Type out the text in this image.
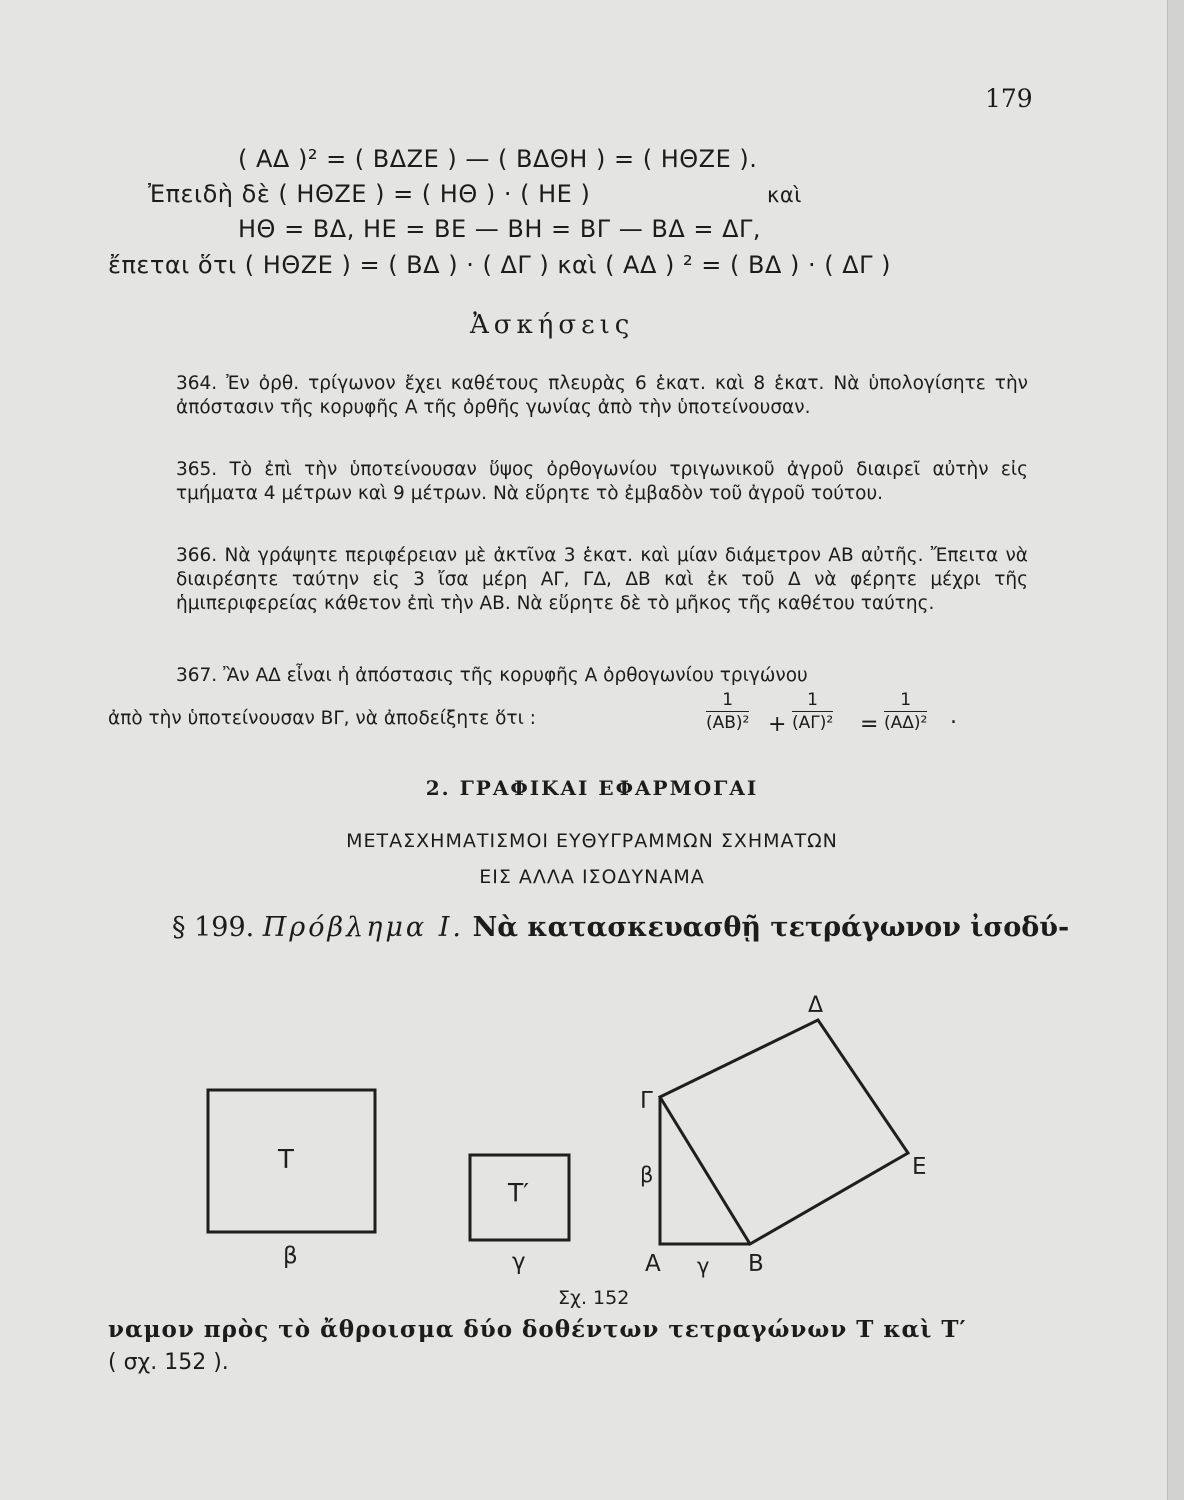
179
( ΑΔ )² = ( ΒΔΖΕ ) — ( ΒΔΘΗ ) = ( ΗΘΖΕ ).
Ἐπειδὴ δὲ ( ΗΘΖΕ ) = ( ΗΘ ) · ( ΗΕ )	καὶ
ΗΘ = ΒΔ, ΗΕ = ΒΕ — ΒΗ = ΒΓ — ΒΔ = ΔΓ,
ἔπεται ὅτι ( ΗΘΖΕ ) = ( ΒΔ ) · ( ΔΓ ) καὶ ( ΑΔ ) ² = ( ΒΔ ) · ( ΔΓ )
Ἀσκήσεις
364. Ἐν ὀρθ. τρίγωνον ἔχει καθέτους πλευρὰς 6 ἑκατ. καὶ 8 ἑκατ. Νὰ ὑπολογίσητε τὴν ἀπόστασιν τῆς κορυφῆς Α τῆς ὀρθῆς γωνίας ἀπὸ τὴν ὑποτείνουσαν.
365. Τὸ ἐπὶ τὴν ὑποτείνουσαν ὕψος ὀρθογωνίου τριγωνικοῦ ἀγροῦ διαιρεῖ αὐτὴν εἰς τμήματα 4 μέτρων καὶ 9 μέτρων. Νὰ εὕρητε τὸ ἐμβαδὸν τοῦ ἀγροῦ τούτου.
366. Νὰ γράψητε περιφέρειαν μὲ ἀκτῖνα 3 ἑκατ. καὶ μίαν διάμετρον ΑΒ αὐτῆς. Ἔπειτα νὰ διαιρέσητε ταύτην εἰς 3 ἴσα μέρη ΑΓ, ΓΔ, ΔΒ καὶ ἐκ τοῦ Δ νὰ φέρητε μέχρι τῆς ἡμιπεριφερείας κάθετον ἐπὶ τὴν ΑΒ. Νὰ εὕρητε δὲ τὸ μῆκος τῆς καθέτου ταύτης.
367. Ἂν ΑΔ εἶναι ἡ ἀπόστασις τῆς κορυφῆς Α ὀρθογωνίου τριγώνου
ἀπὸ τὴν ὑποτείνουσαν ΒΓ, νὰ ἀποδείξητε ὅτι :	$\frac{1}{\text{(ΑΒ)²}} + \frac{1}{\text{(ΑΓ)²}} = \frac{1}{\text{(ΑΔ)²}}$ .
2. ΓΡΑΦΙΚΑΙ ΕΦΑΡΜΟΓΑΙ
ΜΕΤΑΣΧΗΜΑΤΙΣΜΟΙ ΕΥΘΥΓΡΑΜΜΩΝ ΣΧΗΜΑΤΩΝ
ΕΙΣ ΑΛΛΑ ΙΣΟΔΥΝΑΜΑ
§ 199. Πρόβλημα Ι. Νὰ κατασκευασθῇ τετράγωνον ἰσοδύ-
Τ
β
Τ′
γ
Δ
Γ
Ε
β
Α γ Β
Σχ. 152
ναμον πρὸς τὸ ἄθροισμα δύο δοθέντων τετραγώνων Τ καὶ Τ′
( σχ. 152 ).
